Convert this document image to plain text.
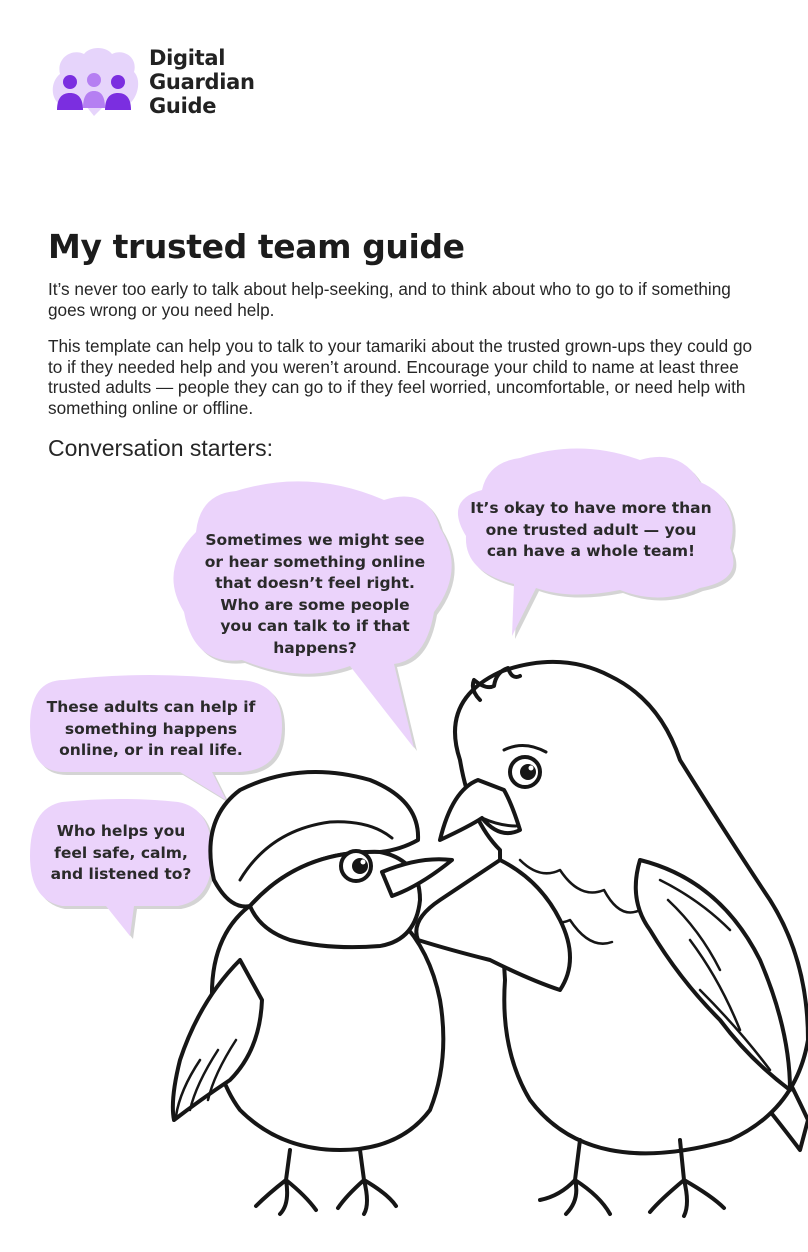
Digital
Guardian
Guide
My trusted team guide

It’s never too early to talk about help-seeking, and to think about who to go to if something goes wrong or you need help.

This template can help you to talk to your tamariki about the trusted grown-ups they could go to if they needed help and you weren’t around. Encourage your child to name at least three trusted adults — people they can go to if they feel worried, uncomfortable, or need help with something online or offline.

Conversation starters:

Sometimes we might see or hear something online that doesn’t feel right. Who are some people you can talk to if that happens?

It’s okay to have more than one trusted adult — you can have a whole team!

These adults can help if something happens online, or in real life.

Who helps you feel safe, calm, and listened to?
